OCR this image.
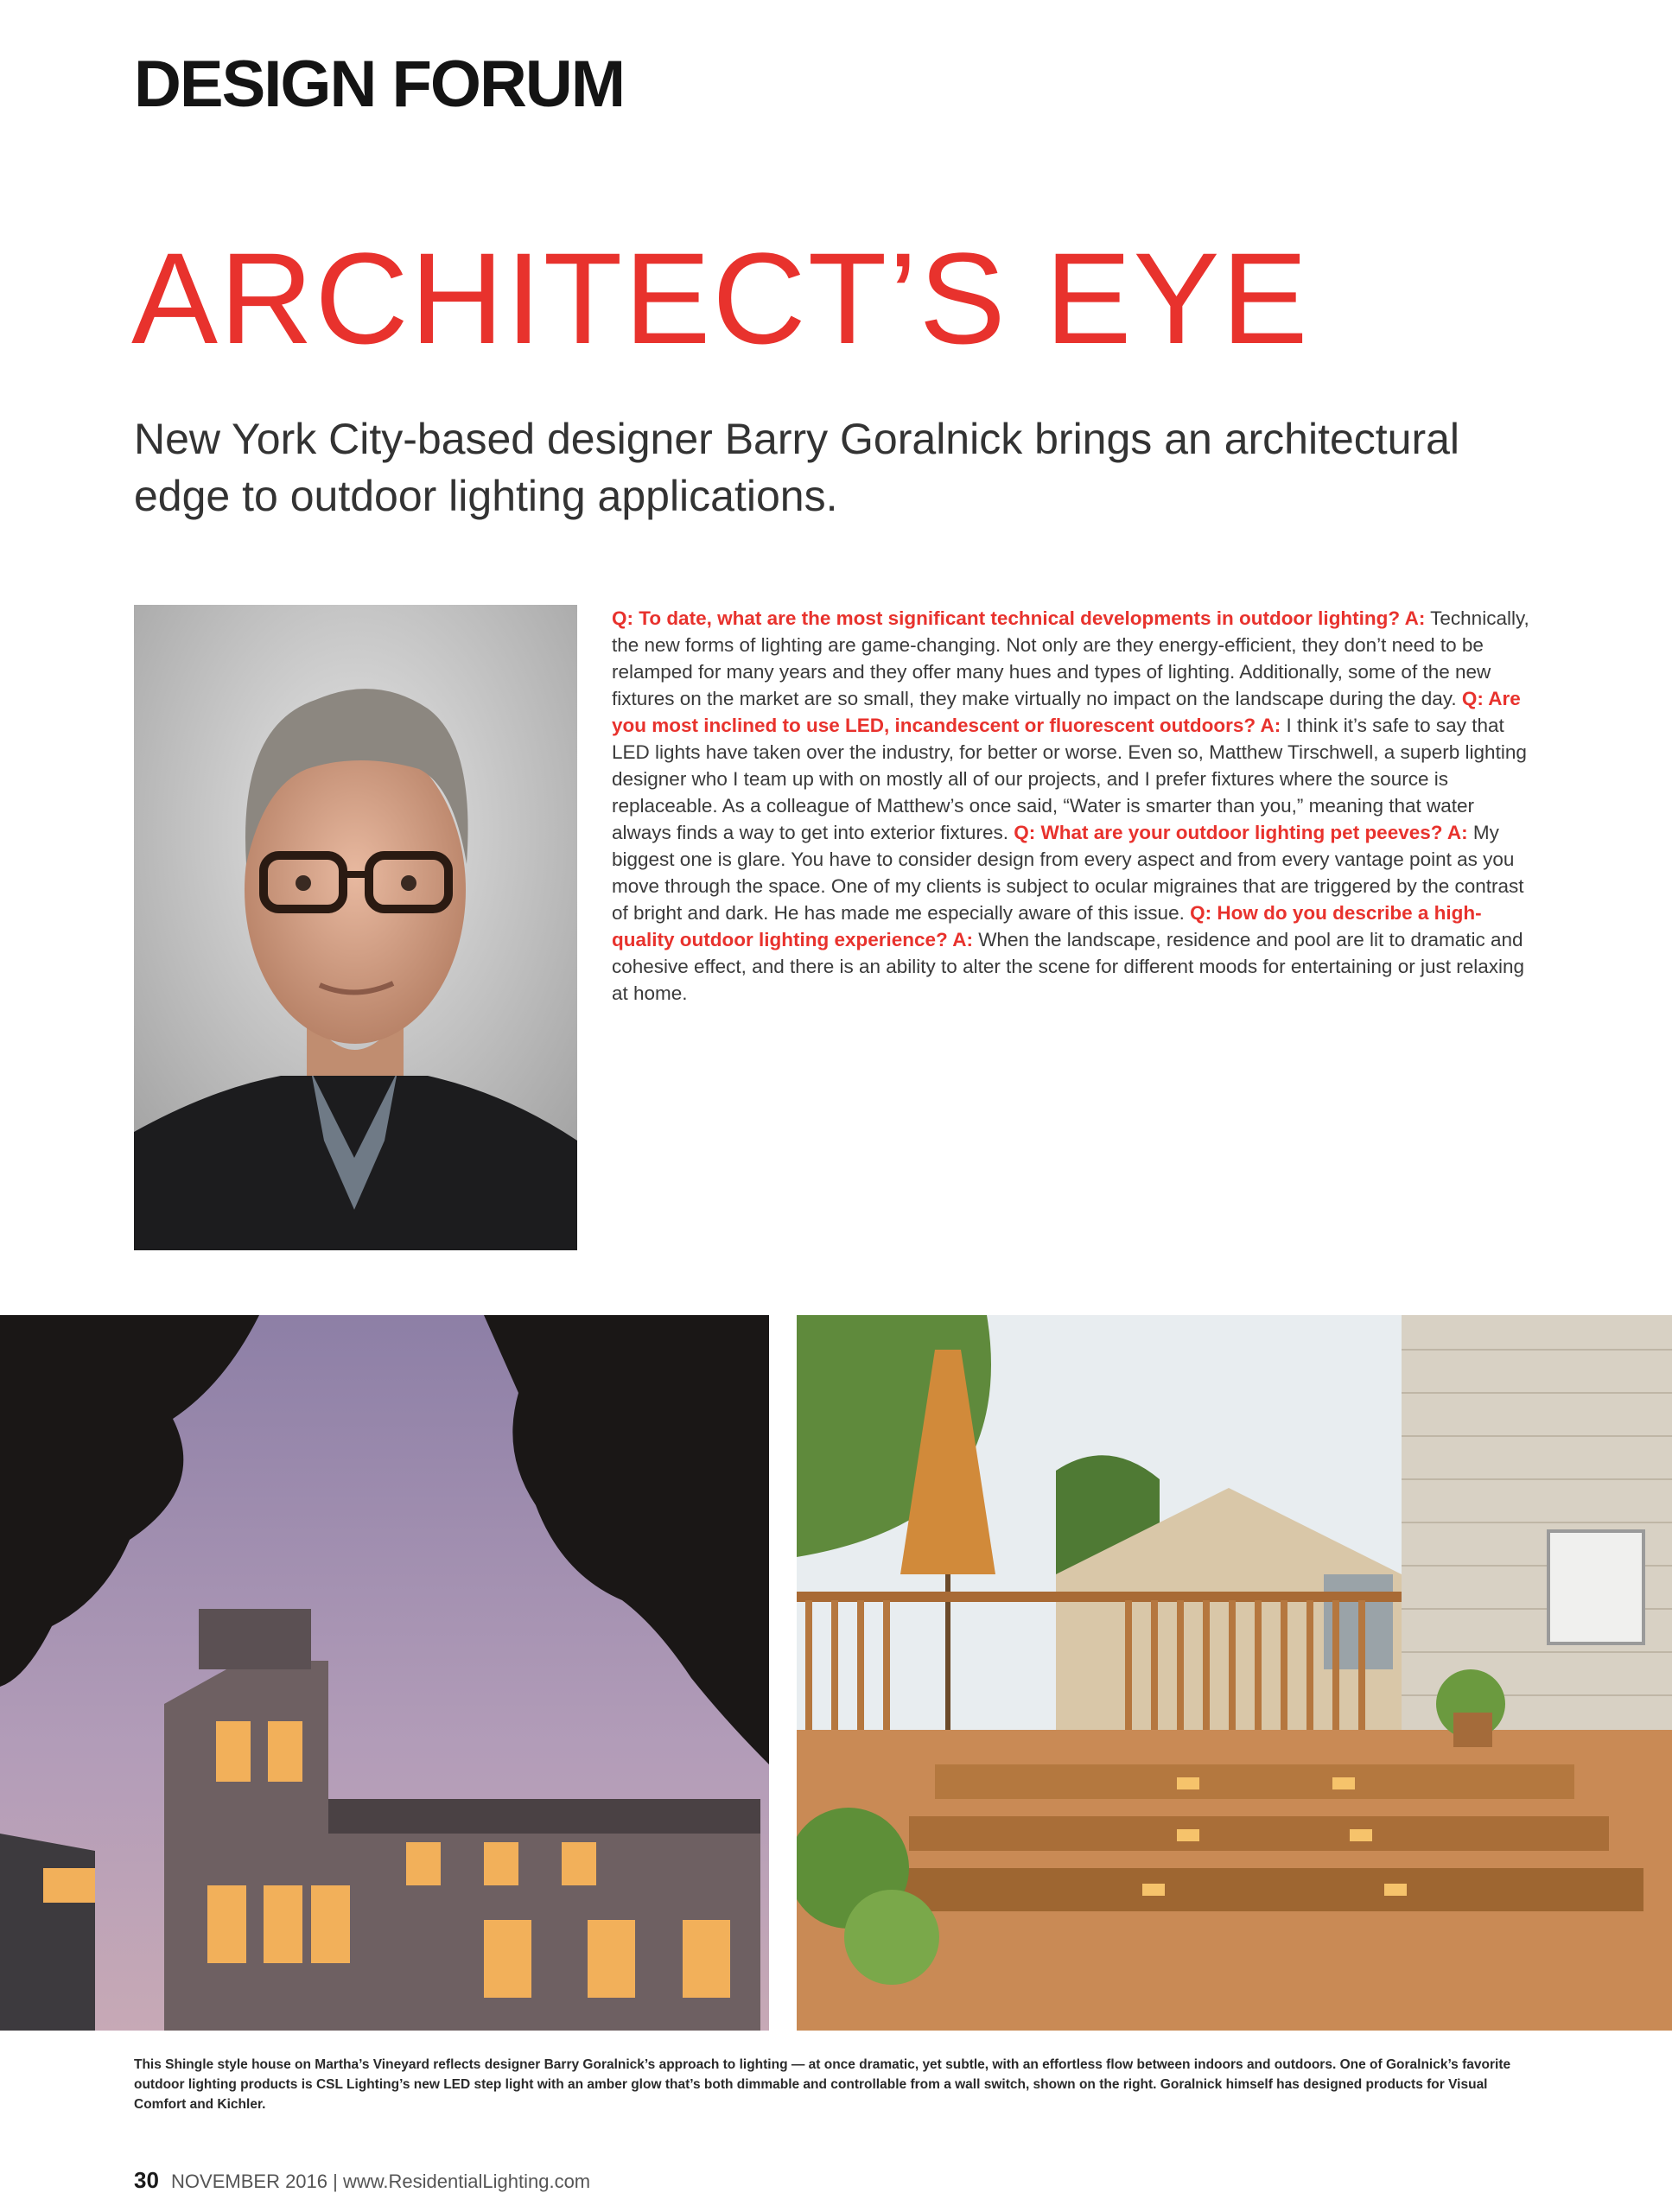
DESIGN FORUM
ARCHITECT’S EYE
New York City-based designer Barry Goralnick brings an architectural edge to outdoor lighting applications.
Q: To date, what are the most significant technical developments in outdoor lighting? A: Technically, the new forms of lighting are game-changing. Not only are they energy-efficient, they don’t need to be relamped for many years and they offer many hues and types of lighting. Additionally, some of the new fixtures on the market are so small, they make virtually no impact on the landscape during the day. Q: Are you most inclined to use LED, incandescent or fluorescent outdoors? A: I think it’s safe to say that LED lights have taken over the industry, for better or worse. Even so, Matthew Tirschwell, a superb lighting designer who I team up with on mostly all of our projects, and I prefer fixtures where the source is replaceable. As a colleague of Matthew’s once said, “Water is smarter than you,” meaning that water always finds a way to get into exterior fixtures. Q: What are your outdoor lighting pet peeves? A: My biggest one is glare. You have to consider design from every aspect and from every vantage point as you move through the space. One of my clients is subject to ocular migraines that are triggered by the contrast of bright and dark. He has made me especially aware of this issue. Q: How do you describe a high-quality outdoor lighting experience? A: When the landscape, residence and pool are lit to dramatic and cohesive effect, and there is an ability to alter the scene for different moods for entertaining or just relaxing at home.
This Shingle style house on Martha’s Vineyard reflects designer Barry Goralnick’s approach to lighting — at once dramatic, yet subtle, with an effortless flow between indoors and outdoors. One of Goralnick’s favorite outdoor lighting products is CSL Lighting’s new LED step light with an amber glow that’s both dimmable and controllable from a wall switch, shown on the right. Goralnick himself has designed products for Visual Comfort and Kichler.
30 NOVEMBER 2016 | www.ResidentialLighting.com
